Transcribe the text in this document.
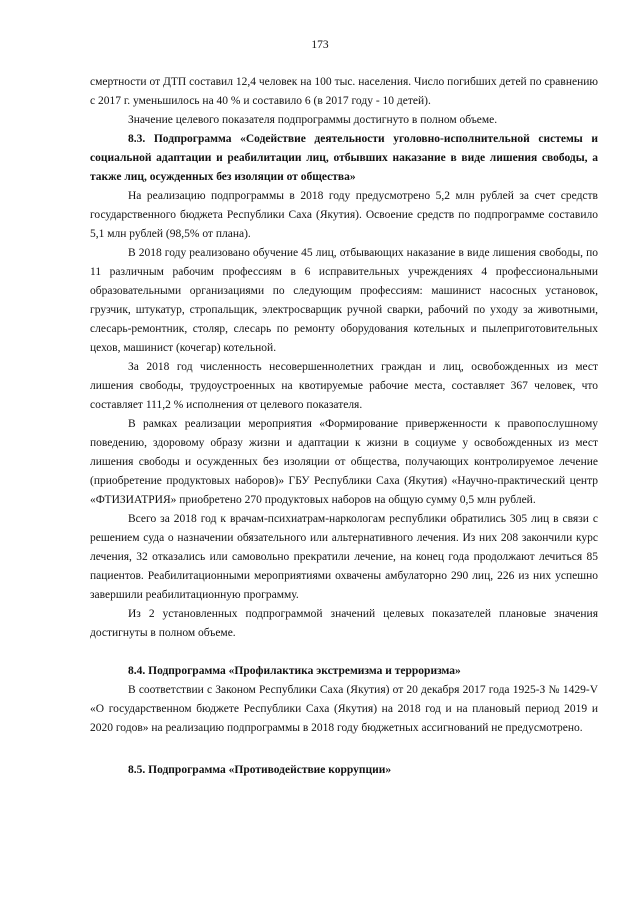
173

смертности от ДТП составил 12,4 человек на 100 тыс. населения. Число погибших детей по сравнению с 2017 г. уменьшилось на 40 % и составило 6 (в 2017 году - 10 детей).

Значение целевого показателя подпрограммы достигнуто в полном объеме.

8.3. Подпрограмма «Содействие деятельности уголовно-исполнительной системы и социальной адаптации и реабилитации лиц, отбывших наказание в виде лишения свободы, а также лиц, осужденных без изоляции от общества»

На реализацию подпрограммы в 2018 году предусмотрено 5,2 млн рублей за счет средств государственного бюджета Республики Саха (Якутия). Освоение средств по подпрограмме составило 5,1 млн рублей (98,5% от плана).

В 2018 году реализовано обучение 45 лиц, отбывающих наказание в виде лишения свободы, по 11 различным рабочим профессиям в 6 исправительных учреждениях 4 профессиональными образовательными организациями по следующим профессиям: машинист насосных установок, грузчик, штукатур, стропальщик, электросварщик ручной сварки, рабочий по уходу за животными, слесарь-ремонтник, столяр, слесарь по ремонту оборудования котельных и пылеприготовительных цехов, машинист (кочегар) котельной.

За 2018 год численность несовершеннолетних граждан и лиц, освобожденных из мест лишения свободы, трудоустроенных на квотируемые рабочие места, составляет 367 человек, что составляет 111,2 % исполнения от целевого показателя.

В рамках реализации мероприятия «Формирование приверженности к правопослушному поведению, здоровому образу жизни и адаптации к жизни в социуме у освобожденных из мест лишения свободы и осужденных без изоляции от общества, получающих контролируемое лечение (приобретение продуктовых наборов)» ГБУ Республики Саха (Якутия) «Научно-практический центр «ФТИЗИАТРИЯ» приобретено 270 продуктовых наборов на общую сумму 0,5 млн рублей.

Всего за 2018 год к врачам-психиатрам-наркологам республики обратились 305 лиц в связи с решением суда о назначении обязательного или альтернативного лечения. Из них 208 закончили курс лечения, 32 отказались или самовольно прекратили лечение, на конец года продолжают лечиться 85 пациентов. Реабилитационными мероприятиями охвачены амбулаторно 290 лиц, 226 из них успешно завершили реабилитационную программу.

Из 2 установленных подпрограммой значений целевых показателей плановые значения достигнуты в полном объеме.

8.4. Подпрограмма «Профилактика экстремизма и терроризма»

В соответствии с Законом Республики Саха (Якутия) от 20 декабря 2017 года 1925-З № 1429-V «О государственном бюджете Республики Саха (Якутия) на 2018 год и на плановый период 2019 и 2020 годов» на реализацию подпрограммы в 2018 году бюджетных ассигнований не предусмотрено.

8.5. Подпрограмма «Противодействие коррупции»
